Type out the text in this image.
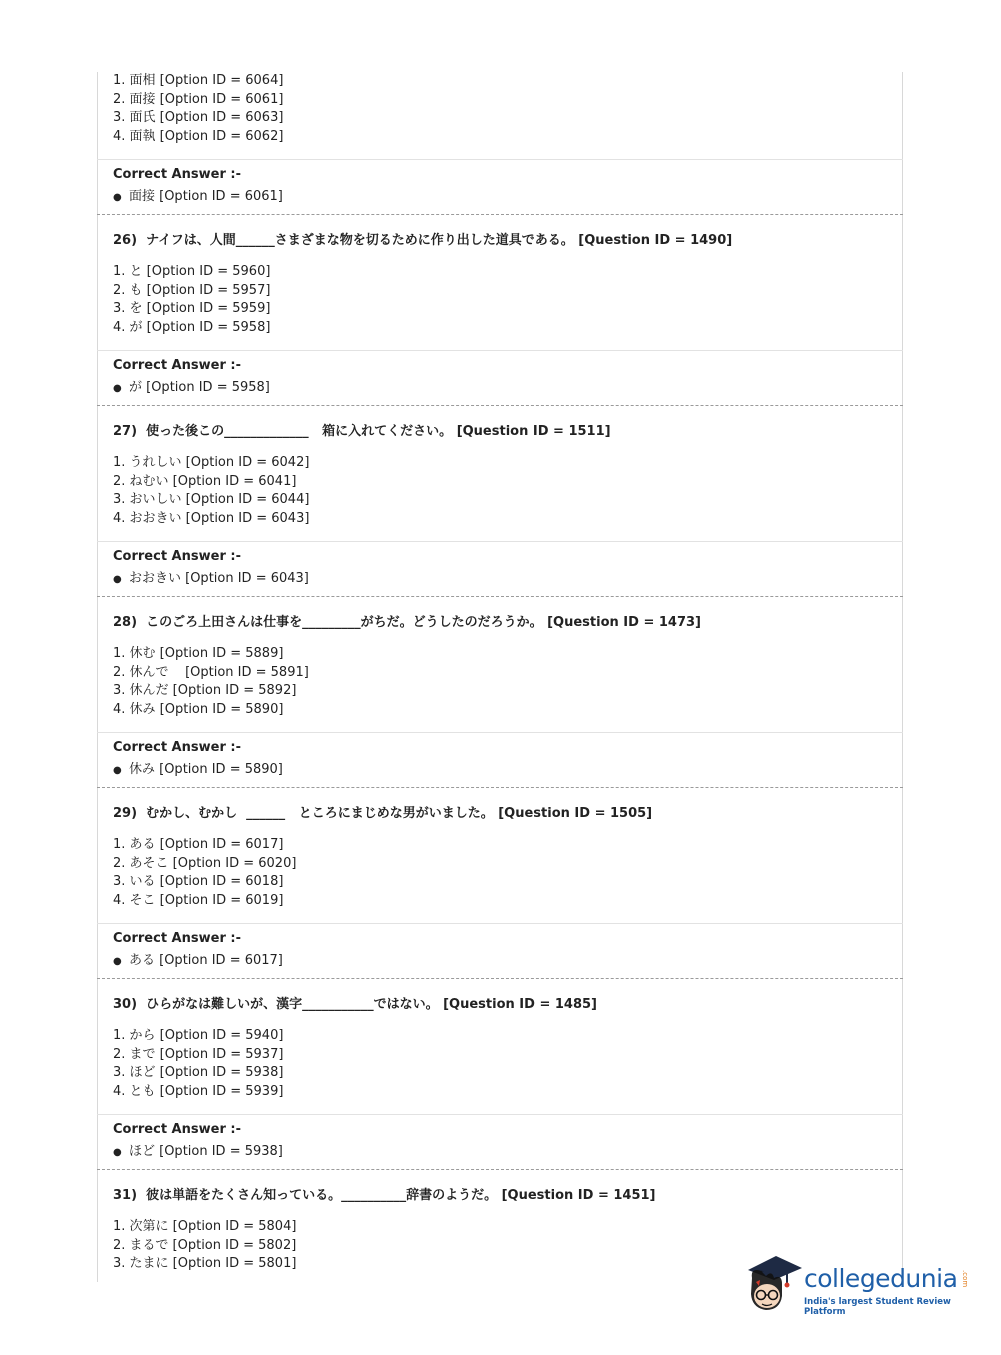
1. 面相 [Option ID = 6064]
2. 面接 [Option ID = 6061]
3. 面氏 [Option ID = 6063]
4. 面執 [Option ID = 6062]
Correct Answer :-
● 面接 [Option ID = 6061]
26)  ナイフは、人間______さまざまな物を切るために作り出した道具である。 [Question ID = 1490]
1. と [Option ID = 5960]
2. も [Option ID = 5957]
3. を [Option ID = 5959]
4. が [Option ID = 5958]
Correct Answer :-
● が [Option ID = 5958]
27)  使った後この_____________   箱に入れてください。 [Question ID = 1511]
1. うれしい [Option ID = 6042]
2. ねむい [Option ID = 6041]
3. おいしい [Option ID = 6044]
4. おおきい [Option ID = 6043]
Correct Answer :-
● おおきい [Option ID = 6043]
28)  このごろ上田さんは仕事を_________がちだ。どうしたのだろうか。 [Question ID = 1473]
1. 休む [Option ID = 5889]
2. 休んで    [Option ID = 5891]
3. 休んだ [Option ID = 5892]
4. 休み [Option ID = 5890]
Correct Answer :-
● 休み [Option ID = 5890]
29)  むかし、むかし  ______   ところにまじめな男がいました。 [Question ID = 1505]
1. ある [Option ID = 6017]
2. あそこ [Option ID = 6020]
3. いる [Option ID = 6018]
4. そこ [Option ID = 6019]
Correct Answer :-
● ある [Option ID = 6017]
30)  ひらがなは難しいが、漢字___________ではない。 [Question ID = 1485]
1. から [Option ID = 5940]
2. まで [Option ID = 5937]
3. ほど [Option ID = 5938]
4. とも [Option ID = 5939]
Correct Answer :-
● ほど [Option ID = 5938]
31)  彼は単語をたくさん知っている。__________辞書のようだ。 [Question ID = 1451]
1. 次第に [Option ID = 5804]
2. まるで [Option ID = 5802]
3. たまに [Option ID = 5801]
collegedunia .com
India's largest Student Review Platform
